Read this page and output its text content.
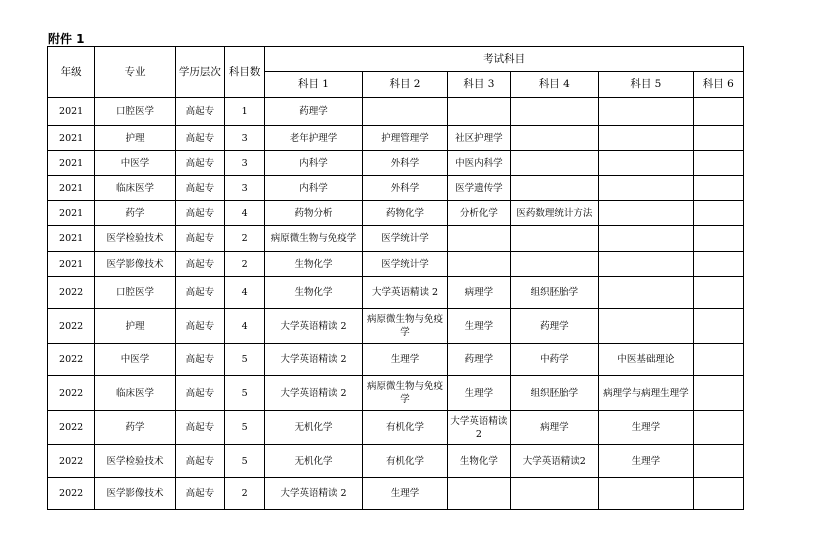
附件 1
年级	专业	学历层次	科目数	考试科目					
				科目 1	科目 2	科目 3	科目 4	科目 5	科目 6
2021	口腔医学	高起专	1	药理学					
2021	护理	高起专	3	老年护理学	护理管理学	社区护理学			
2021	中医学	高起专	3	内科学	外科学	中医内科学			
2021	临床医学	高起专	3	内科学	外科学	医学遗传学			
2021	药学	高起专	4	药物分析	药物化学	分析化学	医药数理统计方法		
2021	医学检验技术	高起专	2	病原微生物与免疫学	医学统计学				
2021	医学影像技术	高起专	2	生物化学	医学统计学				
2022	口腔医学	高起专	4	生物化学	大学英语精读 2	病理学	组织胚胎学		
2022	护理	高起专	4	大学英语精读 2	病原微生物与免疫学	生理学	药理学		
2022	中医学	高起专	5	大学英语精读 2	生理学	药理学	中药学	中医基础理论	
2022	临床医学	高起专	5	大学英语精读 2	病原微生物与免疫学	生理学	组织胚胎学	病理学与病理生理学	
2022	药学	高起专	5	无机化学	有机化学	大学英语精读2	病理学	生理学	
2022	医学检验技术	高起专	5	无机化学	有机化学	生物化学	大学英语精读2	生理学	
2022	医学影像技术	高起专	2	大学英语精读 2	生理学				
